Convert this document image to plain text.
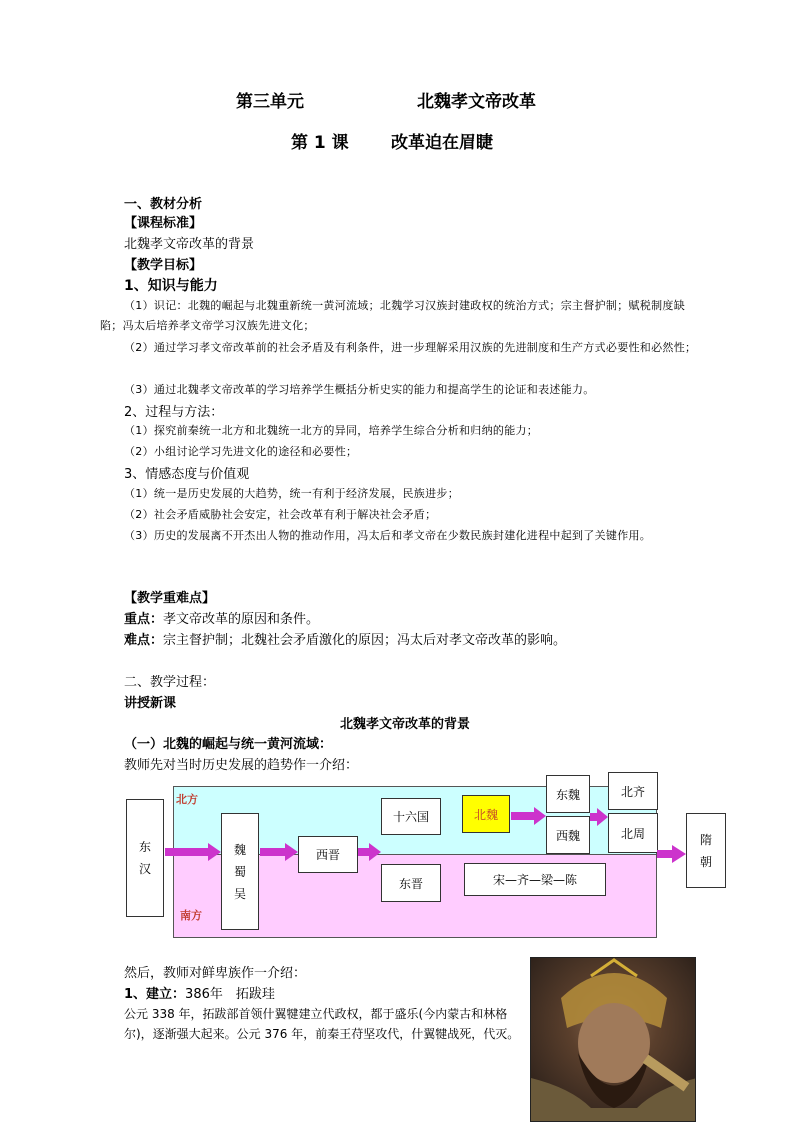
第三单元	北魏孝文帝改革
第 1 课 改革迫在眉睫
一、教材分析
【课程标准】
北魏孝文帝改革的背景
【教学目标】
1、知识与能力
（1）识记：北魏的崛起与北魏重新统一黄河流域；北魏学习汉族封建政权的统治方式；宗主督护制；赋税制度缺陷；冯太后培养孝文帝学习汉族先进文化；
（2）通过学习孝文帝改革前的社会矛盾及有利条件，进一步理解采用汉族的先进制度和生产方式必要性和必然性；
（3）通过北魏孝文帝改革的学习培养学生概括分析史实的能力和提高学生的论证和表述能力。
2、过程与方法：
（1）探究前秦统一北方和北魏统一北方的异同，培养学生综合分析和归纳的能力；
（2）小组讨论学习先进文化的途径和必要性；
3、情感态度与价值观
（1）统一是历史发展的大趋势，统一有利于经济发展，民族进步；
（2）社会矛盾威胁社会安定，社会改革有利于解决社会矛盾；
（3）历史的发展离不开杰出人物的推动作用，冯太后和孝文帝在少数民族封建化进程中起到了关键作用。
【教学重难点】
重点：孝文帝改革的原因和条件。
难点：宗主督护制；北魏社会矛盾激化的原因；冯太后对孝文帝改革的影响。
二、教学过程：
讲授新课
北魏孝文帝改革的背景
（一）北魏的崛起与统一黄河流域：
教师先对当时历史发展的趋势作一介绍：
北方
南方
东
汉
魏
蜀
吴
西晋
十六国	北魏
东魏
西魏
北齐
北周
东晋	宋—齐—梁—陈
隋
朝
然后，教师对鲜卑族作一介绍：
1、建立：386年　拓跋珪
公元 338 年，拓跋部首领什翼犍建立代政权，都于盛乐(今内蒙古和林格尔)，逐渐强大起来。公元 376 年，前秦王苻坚攻代，什翼犍战死，代灭。
